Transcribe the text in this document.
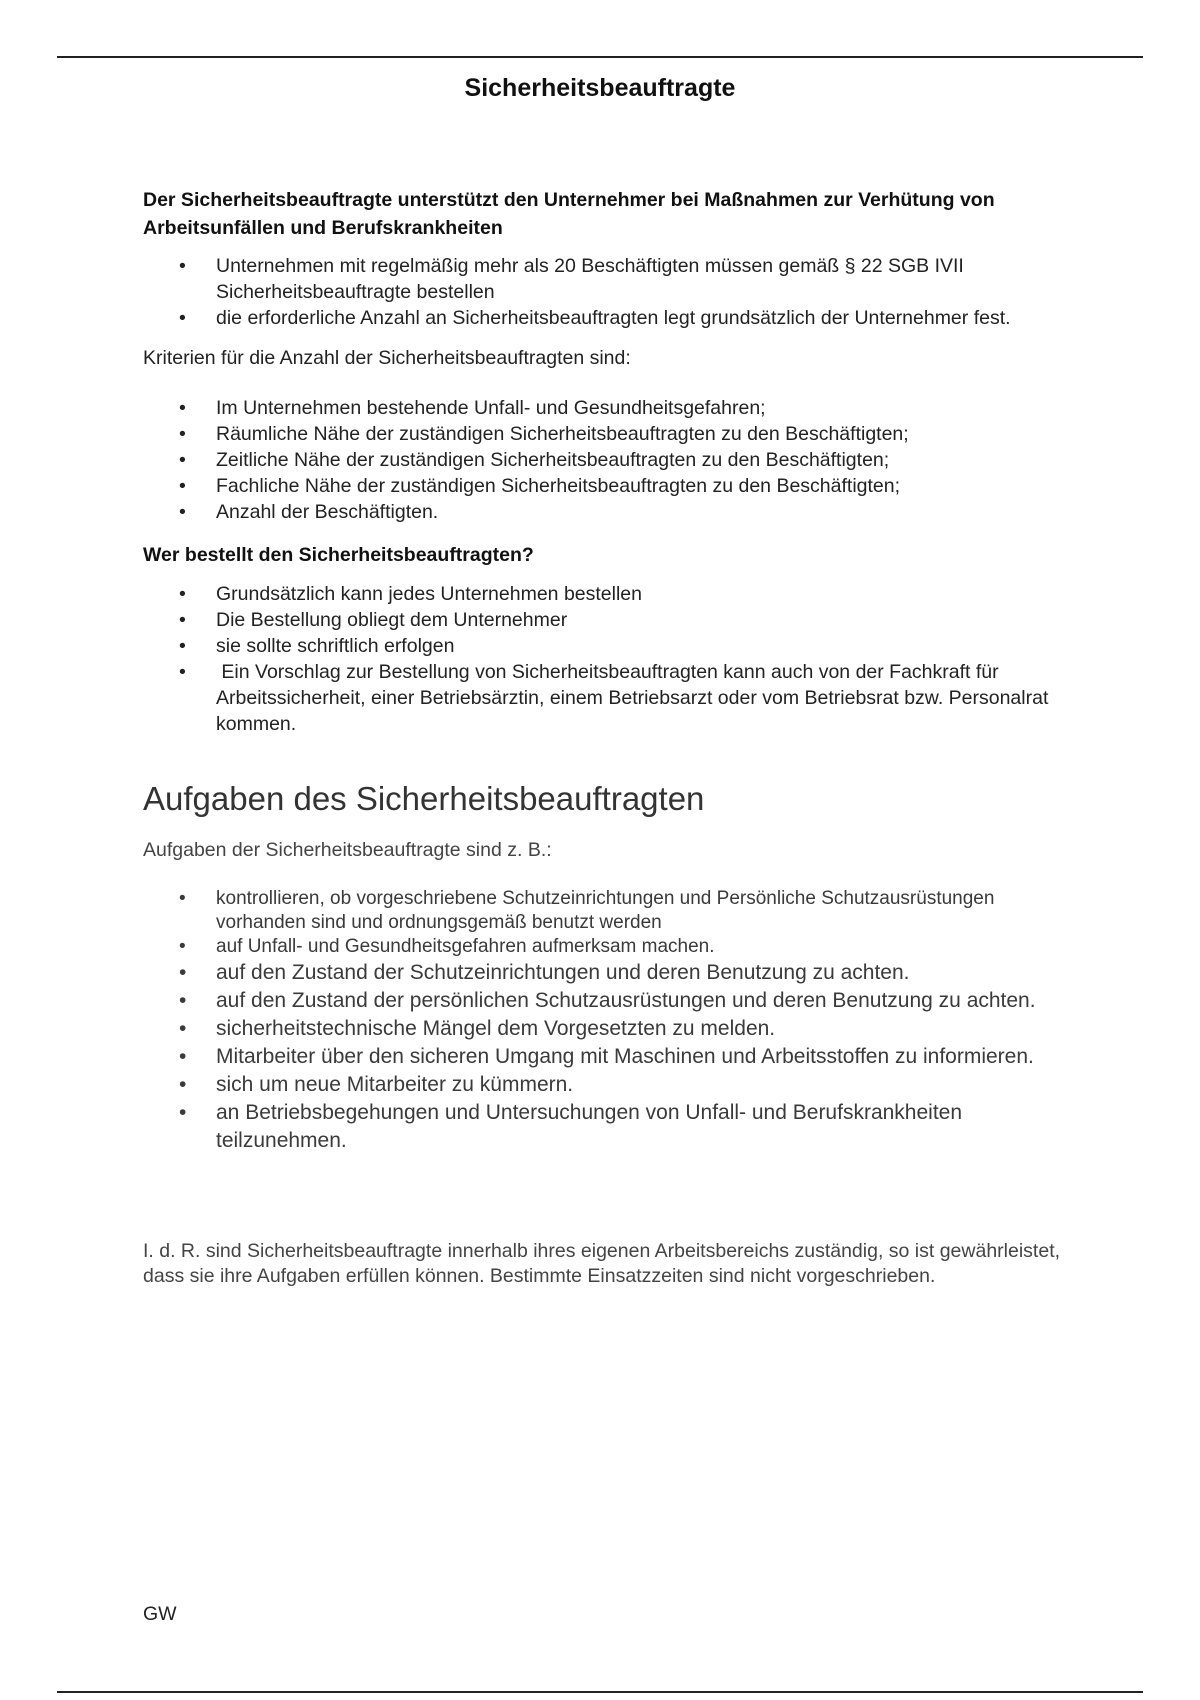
Sicherheitsbeauftragte

Der Sicherheitsbeauftragte unterstützt den Unternehmer bei Maßnahmen zur Verhütung von Arbeitsunfällen und Berufskrankheiten

• Unternehmen mit regelmäßig mehr als 20 Beschäftigten müssen gemäß § 22 SGB IVII Sicherheitsbeauftragte bestellen
• die erforderliche Anzahl an Sicherheitsbeauftragten legt grundsätzlich der Unternehmer fest.

Kriterien für die Anzahl der Sicherheitsbeauftragten sind:

• Im Unternehmen bestehende Unfall- und Gesundheitsgefahren;
• Räumliche Nähe der zuständigen Sicherheitsbeauftragten zu den Beschäftigten;
• Zeitliche Nähe der zuständigen Sicherheitsbeauftragten zu den Beschäftigten;
• Fachliche Nähe der zuständigen Sicherheitsbeauftragten zu den Beschäftigten;
• Anzahl der Beschäftigten.

Wer bestellt den Sicherheitsbeauftragten?

• Grundsätzlich kann jedes Unternehmen bestellen
• Die Bestellung obliegt dem Unternehmer
• sie sollte schriftlich erfolgen
• Ein Vorschlag zur Bestellung von Sicherheitsbeauftragten kann auch von der Fachkraft für Arbeitssicherheit, einer Betriebsärztin, einem Betriebsarzt oder vom Betriebsrat bzw. Personalrat kommen.
Aufgaben des Sicherheitsbeauftragten

Aufgaben der Sicherheitsbeauftragte sind z. B.:

• kontrollieren, ob vorgeschriebene Schutzeinrichtungen und Persönliche Schutzausrüstungen vorhanden sind und ordnungsgemäß benutzt werden
• auf Unfall- und Gesundheitsgefahren aufmerksam machen.
• auf den Zustand der Schutzeinrichtungen und deren Benutzung zu achten.
• auf den Zustand der persönlichen Schutzausrüstungen und deren Benutzung zu achten.
• sicherheitstechnische Mängel dem Vorgesetzten zu melden.
• Mitarbeiter über den sicheren Umgang mit Maschinen und Arbeitsstoffen zu informieren.
• sich um neue Mitarbeiter zu kümmern.
• an Betriebsbegehungen und Untersuchungen von Unfall- und Berufskrankheiten teilzunehmen.

I. d. R. sind Sicherheitsbeauftragte innerhalb ihres eigenen Arbeitsbereichs zuständig, so ist gewährleistet, dass sie ihre Aufgaben erfüllen können. Bestimmte Einsatzzeiten sind nicht vorgeschrieben.

GW
